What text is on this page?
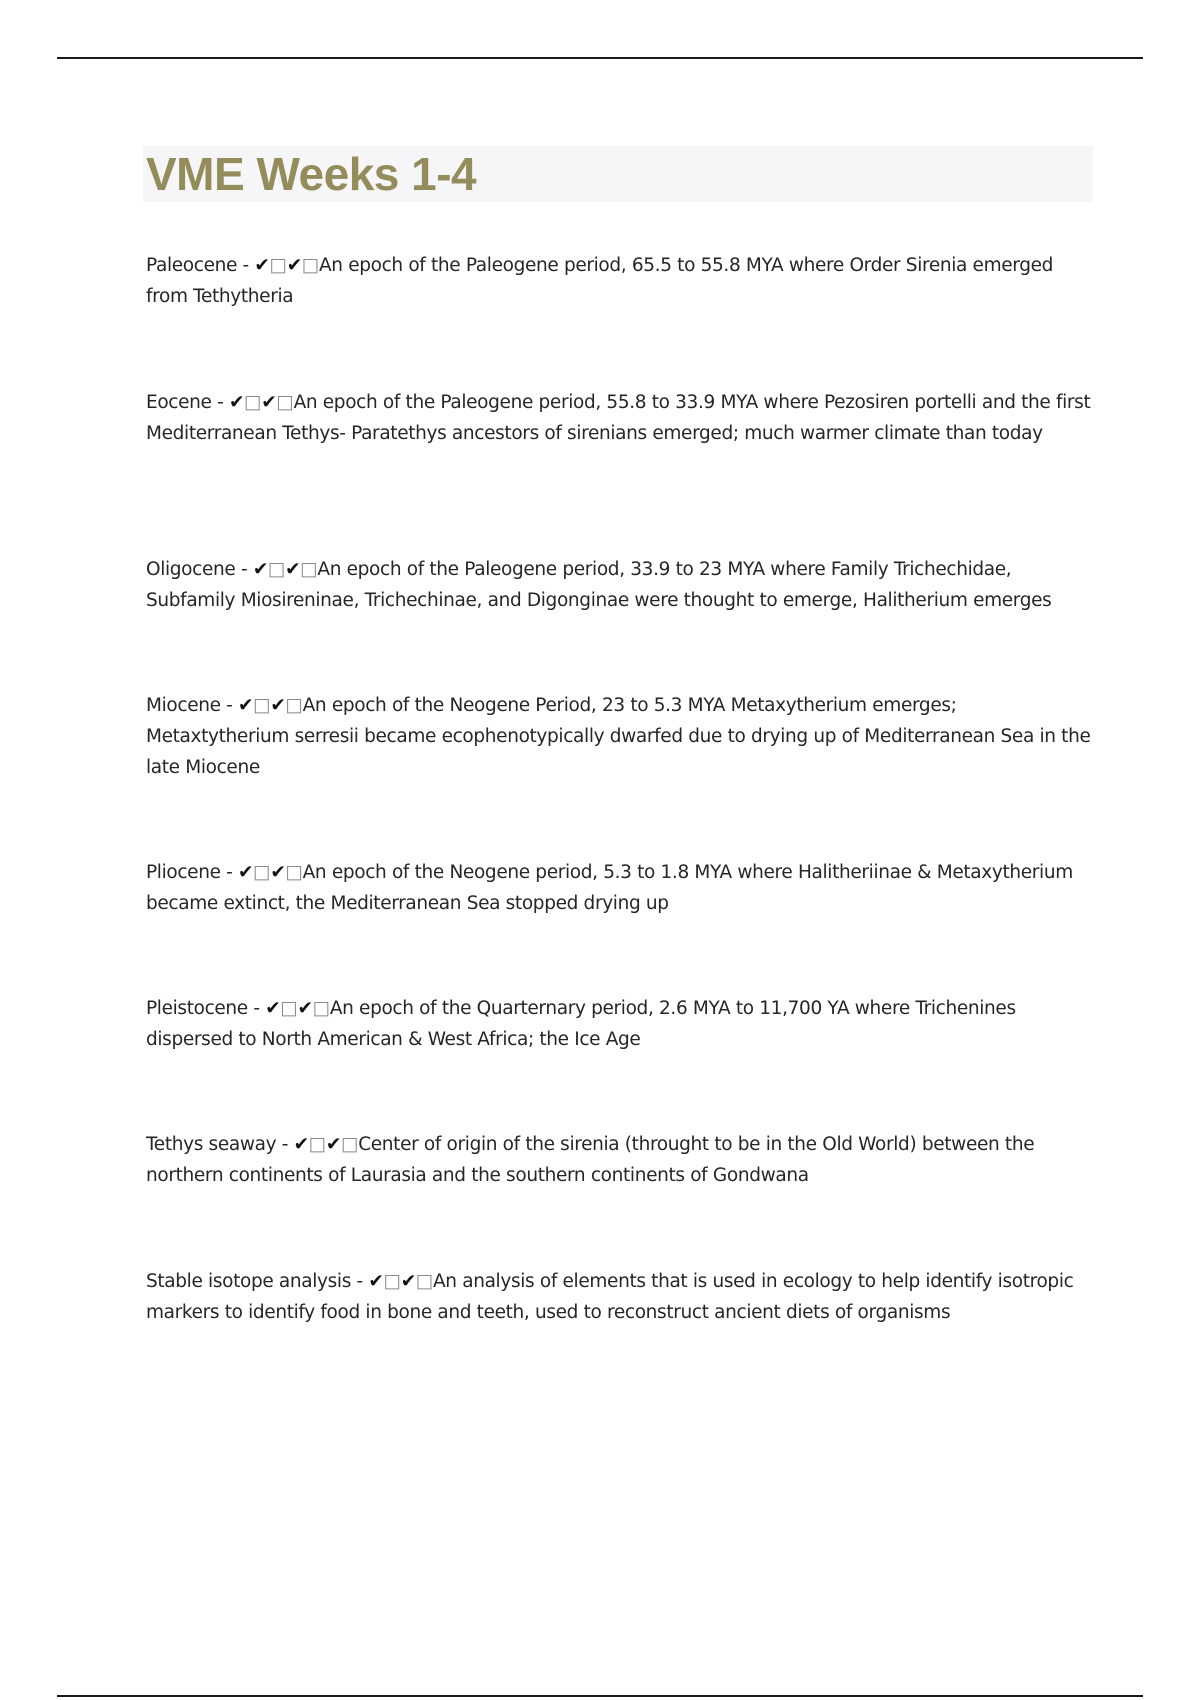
VME Weeks 1-4

Paleocene - ✔□✔□An epoch of the Paleogene period, 65.5 to 55.8 MYA where Order Sirenia emerged from Tethytheria

Eocene - ✔□✔□An epoch of the Paleogene period, 55.8 to 33.9 MYA where Pezosiren portelli and the first Mediterranean Tethys- Paratethys ancestors of sirenians emerged; much warmer climate than today

Oligocene - ✔□✔□An epoch of the Paleogene period, 33.9 to 23 MYA where Family Trichechidae, Subfamily Miosireninae, Trichechinae, and Digonginae were thought to emerge, Halitherium emerges

Miocene - ✔□✔□An epoch of the Neogene Period, 23 to 5.3 MYA Metaxytherium emerges; Metaxtytherium serresii became ecophenotypically dwarfed due to drying up of Mediterranean Sea in the late Miocene

Pliocene - ✔□✔□An epoch of the Neogene period, 5.3 to 1.8 MYA where Halitheriinae & Metaxytherium became extinct, the Mediterranean Sea stopped drying up

Pleistocene - ✔□✔□An epoch of the Quarternary period, 2.6 MYA to 11,700 YA where Trichenines dispersed to North American & West Africa; the Ice Age

Tethys seaway - ✔□✔□Center of origin of the sirenia (throught to be in the Old World) between the northern continents of Laurasia and the southern continents of Gondwana

Stable isotope analysis - ✔□✔□An analysis of elements that is used in ecology to help identify isotropic markers to identify food in bone and teeth, used to reconstruct ancient diets of organisms
